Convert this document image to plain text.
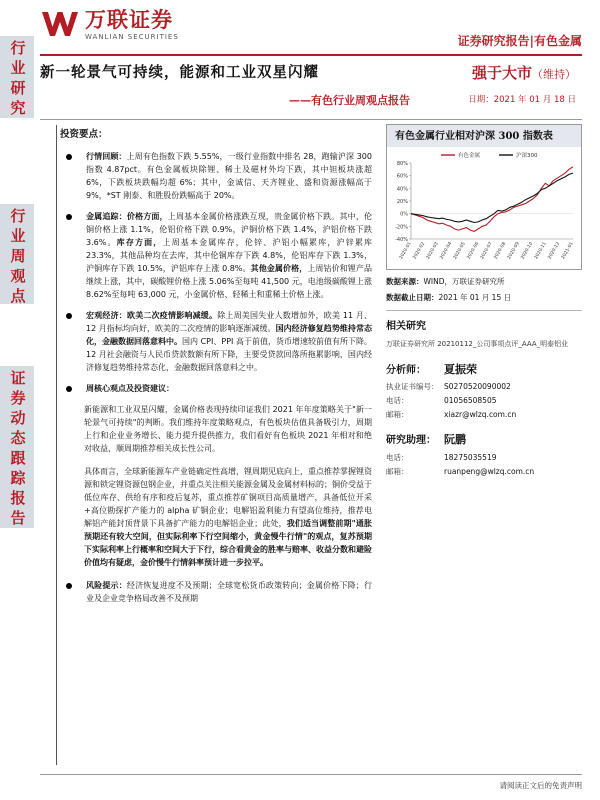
万联证券
WANLIAN SECURITIES	证券研究报告|有色金属
行业研究
行业周观点
证券动态跟踪报告
新一轮景气可持续，能源和工业双星闪耀
——有色行业周观点报告
强于大市（维持）
日期：2021 年 01 月 18 日
投资要点：
行情回顾：上周有色指数下跌 5.55%，一级行业指数中排名 28，跑输沪深 300 指数 4.87pct。有色金属板块除锂、稀土及磁材外均下跌，其中钽板块涨超 6%，下跌板块跌幅均超 6%；其中，金诚信、天齐锂业、盛和资源涨幅高于 9%，*ST 刚泰、和胜股份跌幅高于 20%。
金属追踪：价格方面，上周基本金属价格涨跌互现，贵金属价格下跌。其中，伦铜价格上涨 1.1%，伦铝价格下跌 0.9%，沪铜价格下跌 1.4%，沪铝价格下跌 3.6%。库存方面，上周基本金属库存，伦锌、沪铝小幅累库，沪锌累库 23.3%，其他品种均在去库，其中伦铜库存下跌 4.8%，伦铝库存下跌 1.3%，沪铜库存下跌 10.5%，沪铝库存上涨 0.8%。其他金属价格，上周钴价和锂产品继续上涨，其中，碳酸锂价格上涨 5.06%至每吨 41,500 元，电池级碳酸锂上涨 8.62%至每吨 63,000 元，小金属价格、轻稀土和重稀土价格上涨。
宏观经济：欧美二次疫情影响减缓。除上周美国失业人数增加外，欧美 11 月、12 月指标均向好，欧美的二次疫情的影响逐渐减缓。国内经济修复趋势维持常态化，金融数据回落意料中。国内 CPI、PPI 高于前值，货币增速较前值有所下降。12 月社会融资与人民币贷款数额有所下降，主要受贷款回落所拖累影响，国内经济修复趋势维持常态化，金融数据回落意料之中。
周核心观点及投资建议：
新能源和工业双星闪耀，金属价格表现持续印证我们 2021 年年度策略关于"新一轮景气可持续"的判断。我们维持年度策略观点，有色板块估值具备吸引力，周期上行和企业业务增长、能力提升提供推力，我们看好有色板块 2021 年相对和绝对收益，顺周期推荐相关成长性公司。
具体而言，全球新能源车产业链确定性高增，锂周期见底向上，重点推荐掌握锂资源和锁定锂资源包钢企业，并重点关注相关能源金属及金属材料标的；铜价受益于低位库存、供给有序和疫后复苏，重点推荐矿铜项目高质量增产，具备低位开采+高位勘探扩产能力的 alpha 矿铜企业；电解铝盈利能力有望高位维持，推荐电解铝产能封顶背景下具备扩产能力的电解铝企业；此处，我们适当调整前期"通胀预期还有较大空间，但实际利率下行空间缩小，黄金慢牛行情"的观点，复苏预期下实际利率上行概率和空间大于下行，综合看黄金的胜率与赔率、收益分数和避险价值均有疑虑，金价慢牛行情斜率预计进一步拉平。
风险提示：经济恢复进度不及预期；全球宽松货币政策转向；金属价格下降；行业及企业竞争格局改善不及预期
有色金属行业相对沪深 300 指数表
80%
60%
40%
20%
0%
-20%
-40%
2020-01 2020-02 2020-03 2020-04 2020-05 2020-06 2020-07 2020-08 2020-09 2020-10 2020-11 2020-12 2021-01
有色金属	沪深300
数据来源：WIND，万联证券研究所
数据截止日期：2021 年 01 月 15 日
相关研究
万联证券研究所 20210112_公司事项点评_AAA_明泰铝业
分析师：	夏振荣
执业证书编号： S0270520090002
电话：	01056508505
邮箱：	xiazr@wlzq.com.cn
研究助理： 阮鹏
电话：	18275035519
邮箱：	ruanpeng@wlzq.com.cn
请阅读正文后的免责声明
